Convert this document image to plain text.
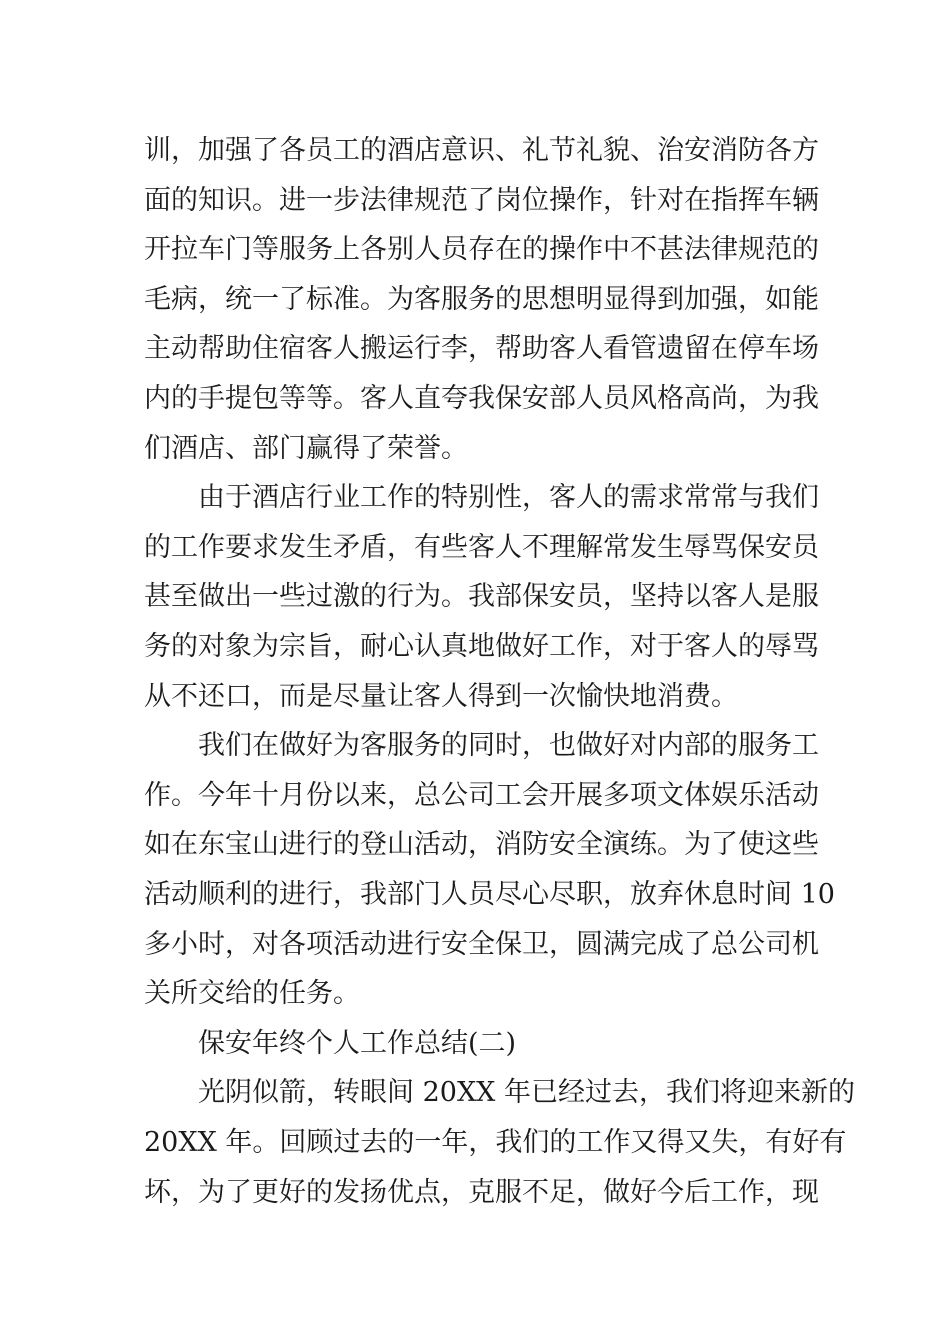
训，加强了各员工的酒店意识、礼节礼貌、治安消防各方
面的知识。进一步法律规范了岗位操作，针对在指挥车辆
开拉车门等服务上各别人员存在的操作中不甚法律规范的
毛病，统一了标准。为客服务的思想明显得到加强，如能
主动帮助住宿客人搬运行李，帮助客人看管遗留在停车场
内的手提包等等。客人直夸我保安部人员风格高尚，为我
们酒店、部门赢得了荣誉。
由于酒店行业工作的特别性，客人的需求常常与我们
的工作要求发生矛盾，有些客人不理解常发生辱骂保安员
甚至做出一些过激的行为。我部保安员，坚持以客人是服
务的对象为宗旨，耐心认真地做好工作，对于客人的辱骂
从不还口，而是尽量让客人得到一次愉快地消费。
我们在做好为客服务的同时，也做好对内部的服务工
作。今年十月份以来，总公司工会开展多项文体娱乐活动
如在东宝山进行的登山活动，消防安全演练。为了使这些
活动顺利的进行，我部门人员尽心尽职，放弃休息时间 10
多小时，对各项活动进行安全保卫，圆满完成了总公司机
关所交给的任务。
保安年终个人工作总结(二)
光阴似箭，转眼间 20XX 年已经过去，我们将迎来新的
20XX 年。回顾过去的一年，我们的工作又得又失，有好有
坏，为了更好的发扬优点，克服不足，做好今后工作，现
